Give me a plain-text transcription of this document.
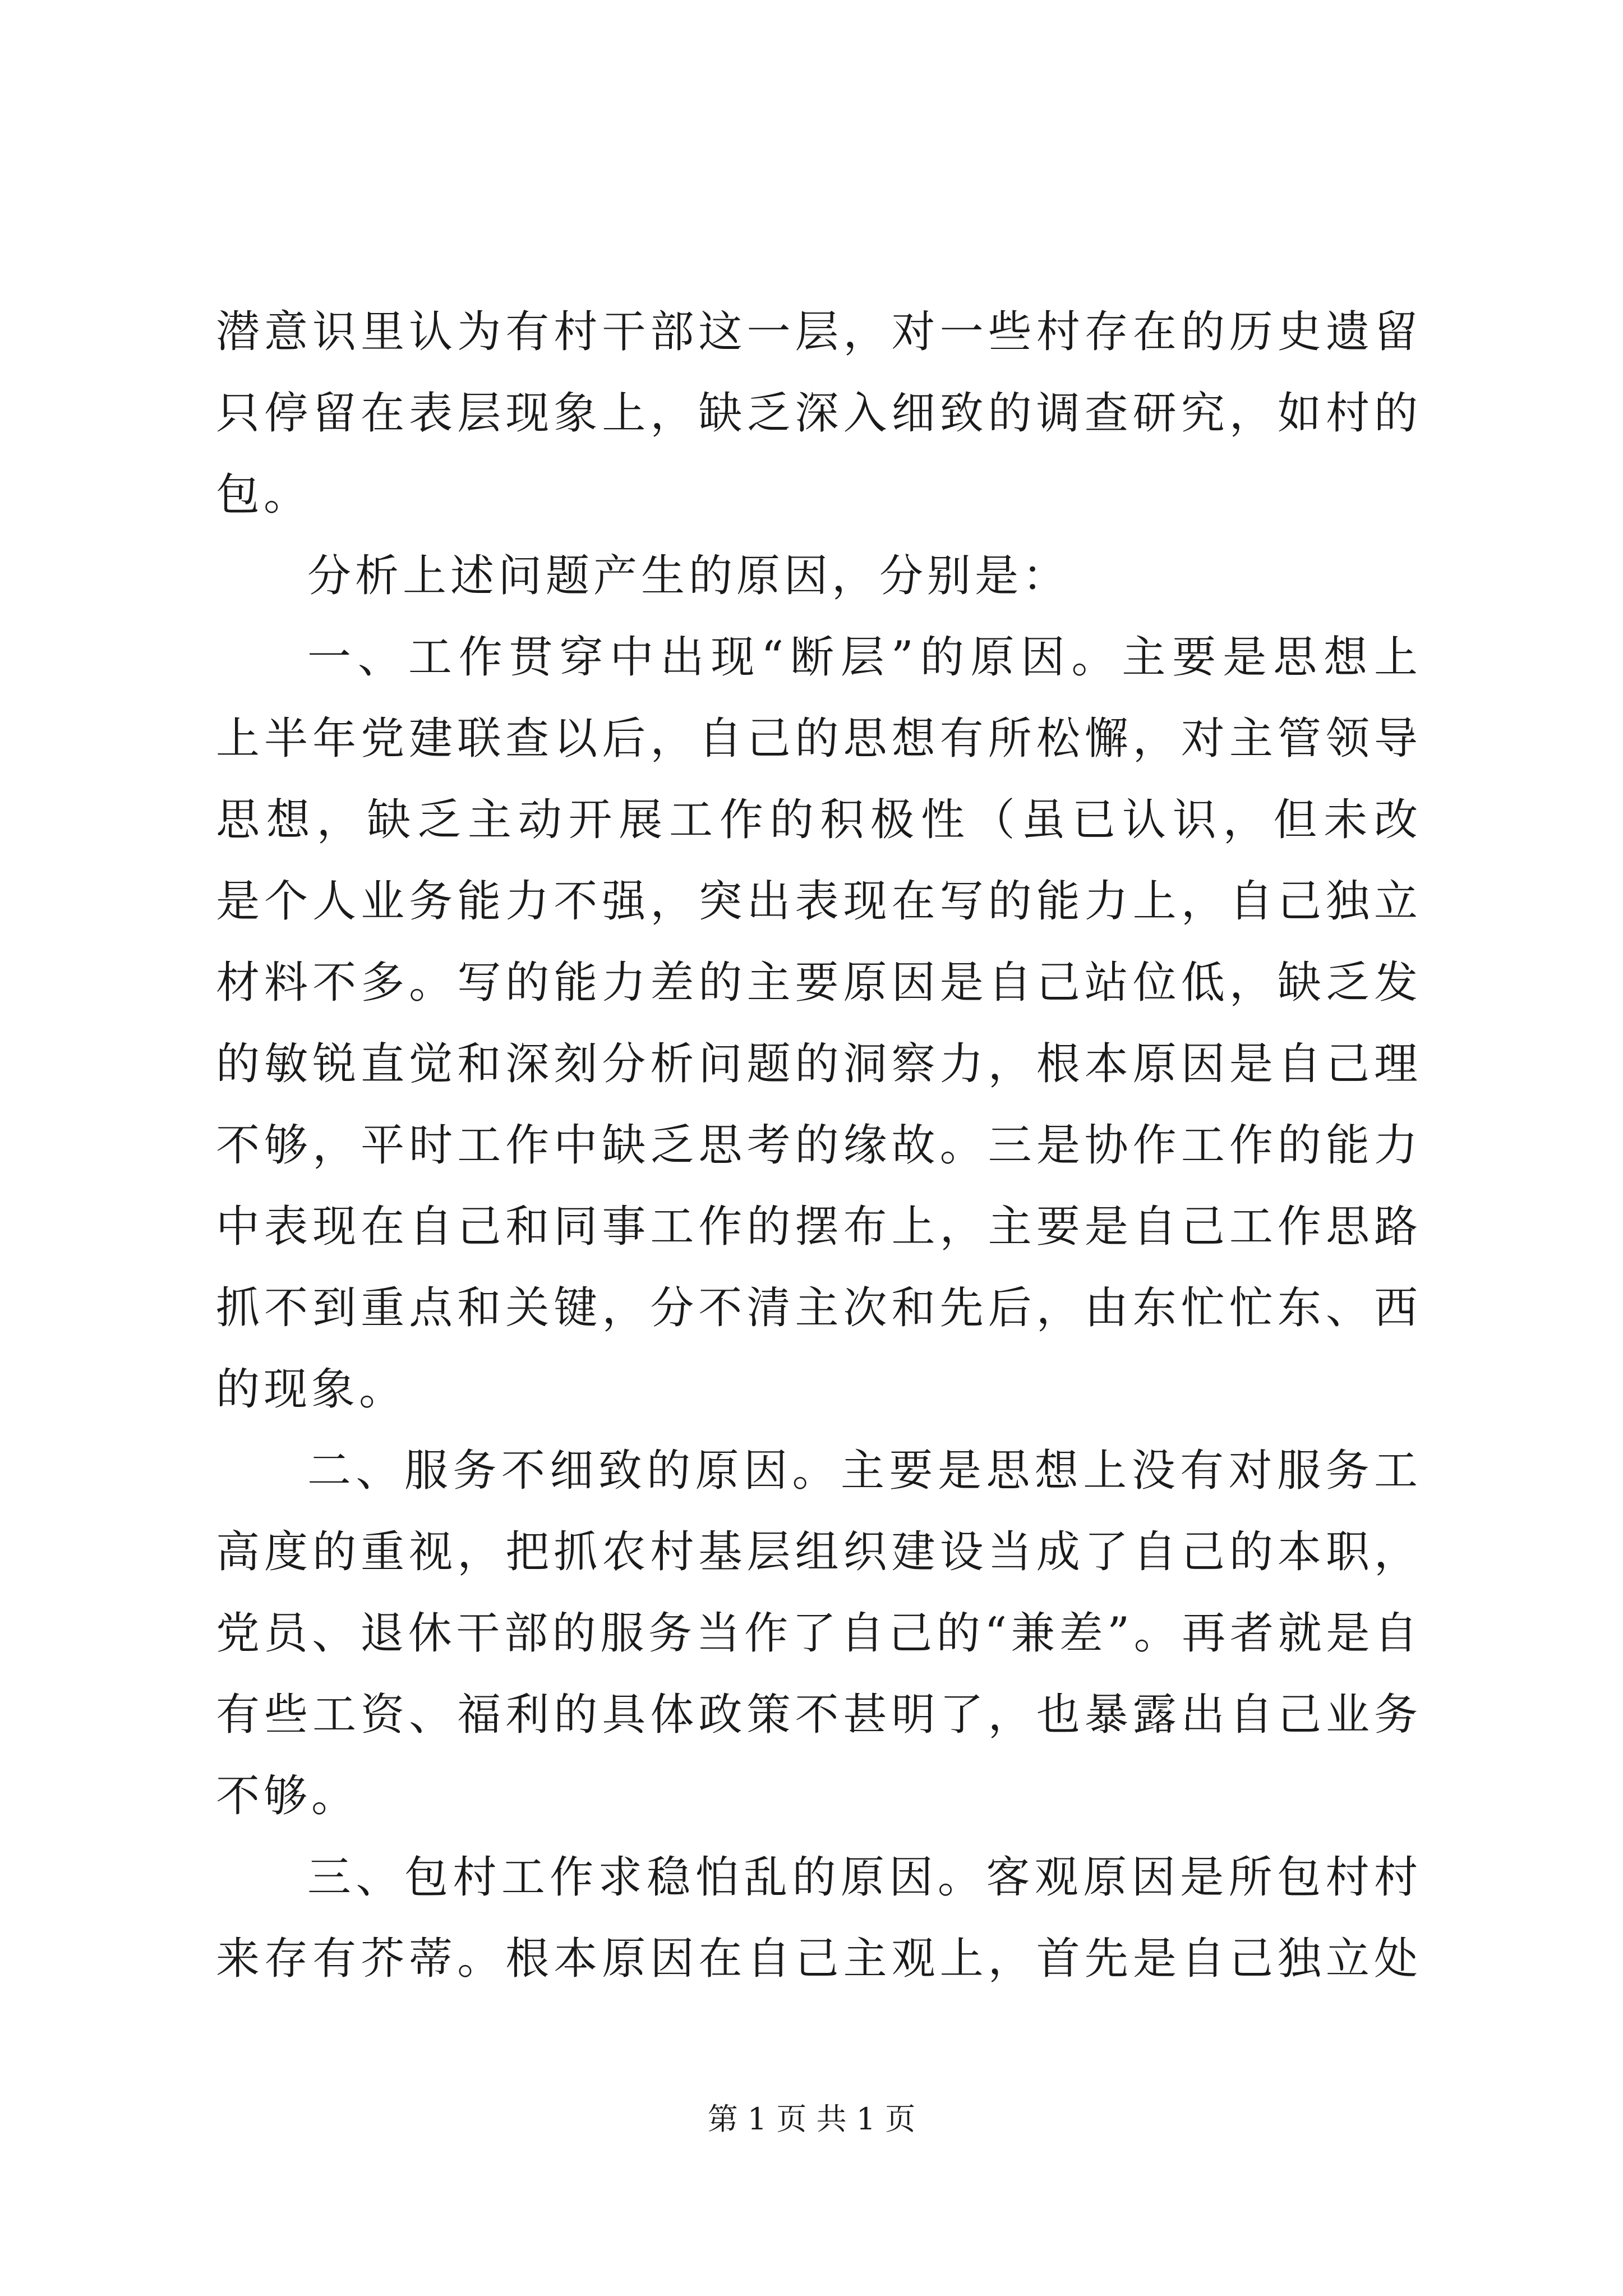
潜意识里认为有村干部这一层，对一些村存在的历史遗留
只停留在表层现象上，缺乏深入细致的调查研究，如村的
包。
分析上述问题产生的原因，分别是：
一、工作贯穿中出现“断层”的原因。主要是思想上
上半年党建联查以后，自己的思想有所松懈，对主管领导
思想，缺乏主动开展工作的积极性（虽已认识，但未改
是个人业务能力不强，突出表现在写的能力上，自己独立
材料不多。写的能力差的主要原因是自己站位低，缺乏发
的敏锐直觉和深刻分析问题的洞察力，根本原因是自己理
不够，平时工作中缺乏思考的缘故。三是协作工作的能力
中表现在自己和同事工作的摆布上，主要是自己工作思路
抓不到重点和关键，分不清主次和先后，由东忙忙东、西
的现象。
二、服务不细致的原因。主要是思想上没有对服务工
高度的重视，把抓农村基层组织建设当成了自己的本职，
党员、退休干部的服务当作了自己的“兼差”。再者就是自
有些工资、福利的具体政策不甚明了，也暴露出自己业务
不够。
三、包村工作求稳怕乱的原因。客观原因是所包村村
来存有芥蒂。根本原因在自己主观上，首先是自己独立处
第 1 页 共 1 页
